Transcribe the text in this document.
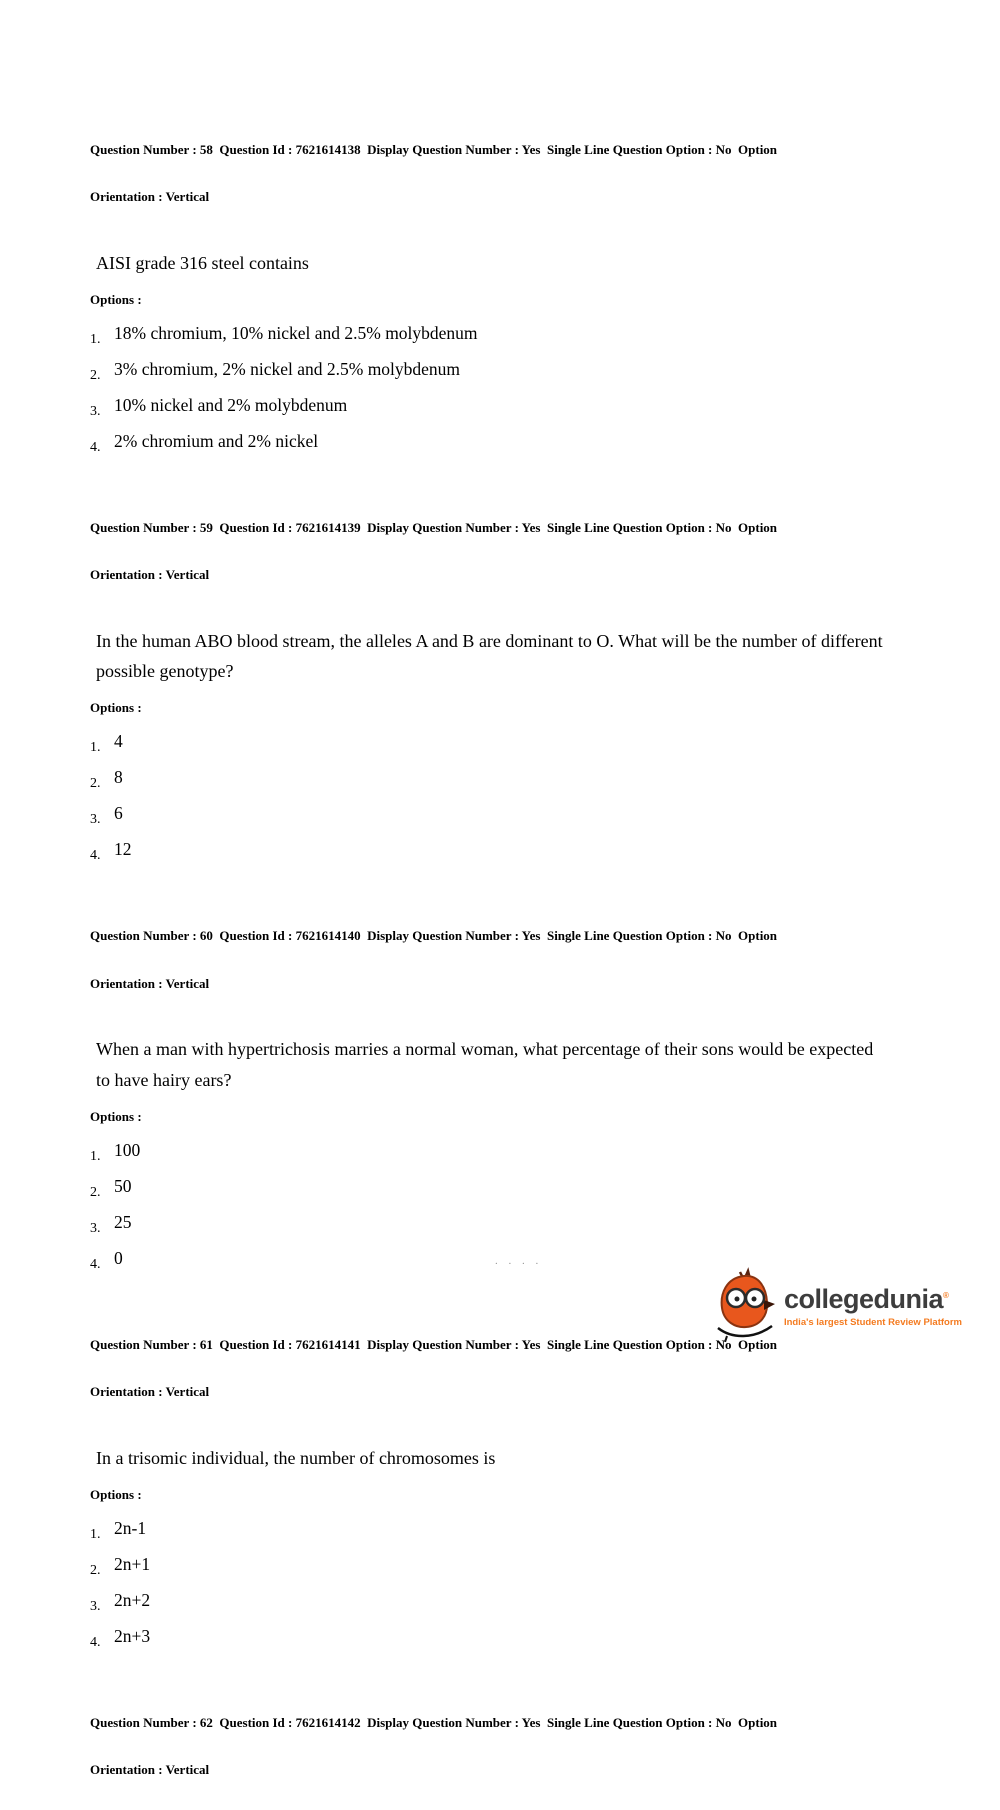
Question Number : 58  Question Id : 7621614138  Display Question Number : Yes  Single Line Question Option : No  Option

Orientation : Vertical

AISI grade 316 steel contains
Options :
1. 18% chromium, 10% nickel and 2.5% molybdenum
2. 3% chromium, 2% nickel and 2.5% molybdenum
3. 10% nickel and 2% molybdenum
4. 2% chromium and 2% nickel

Question Number : 59  Question Id : 7621614139  Display Question Number : Yes  Single Line Question Option : No  Option

Orientation : Vertical

In the human ABO blood stream, the alleles A and B are dominant to O. What will be the number of different possible genotype?
Options :
1. 4
2. 8
3. 6
4. 12

Question Number : 60  Question Id : 7621614140  Display Question Number : Yes  Single Line Question Option : No  Option

Orientation : Vertical

When a man with hypertrichosis marries a normal woman, what percentage of their sons would be expected to have hairy ears?
Options :
1. 100
2. 50
3. 25
4. 0

Question Number : 61  Question Id : 7621614141  Display Question Number : Yes  Single Line Question Option : No  Option

Orientation : Vertical

In a trisomic individual, the number of chromosomes is
Options :
1. 2n-1
2. 2n+1
3. 2n+2
4. 2n+3

Question Number : 62  Question Id : 7621614142  Display Question Number : Yes  Single Line Question Option : No  Option

Orientation : Vertical

. . . .
collegedunia®
India's largest Student Review Platform
